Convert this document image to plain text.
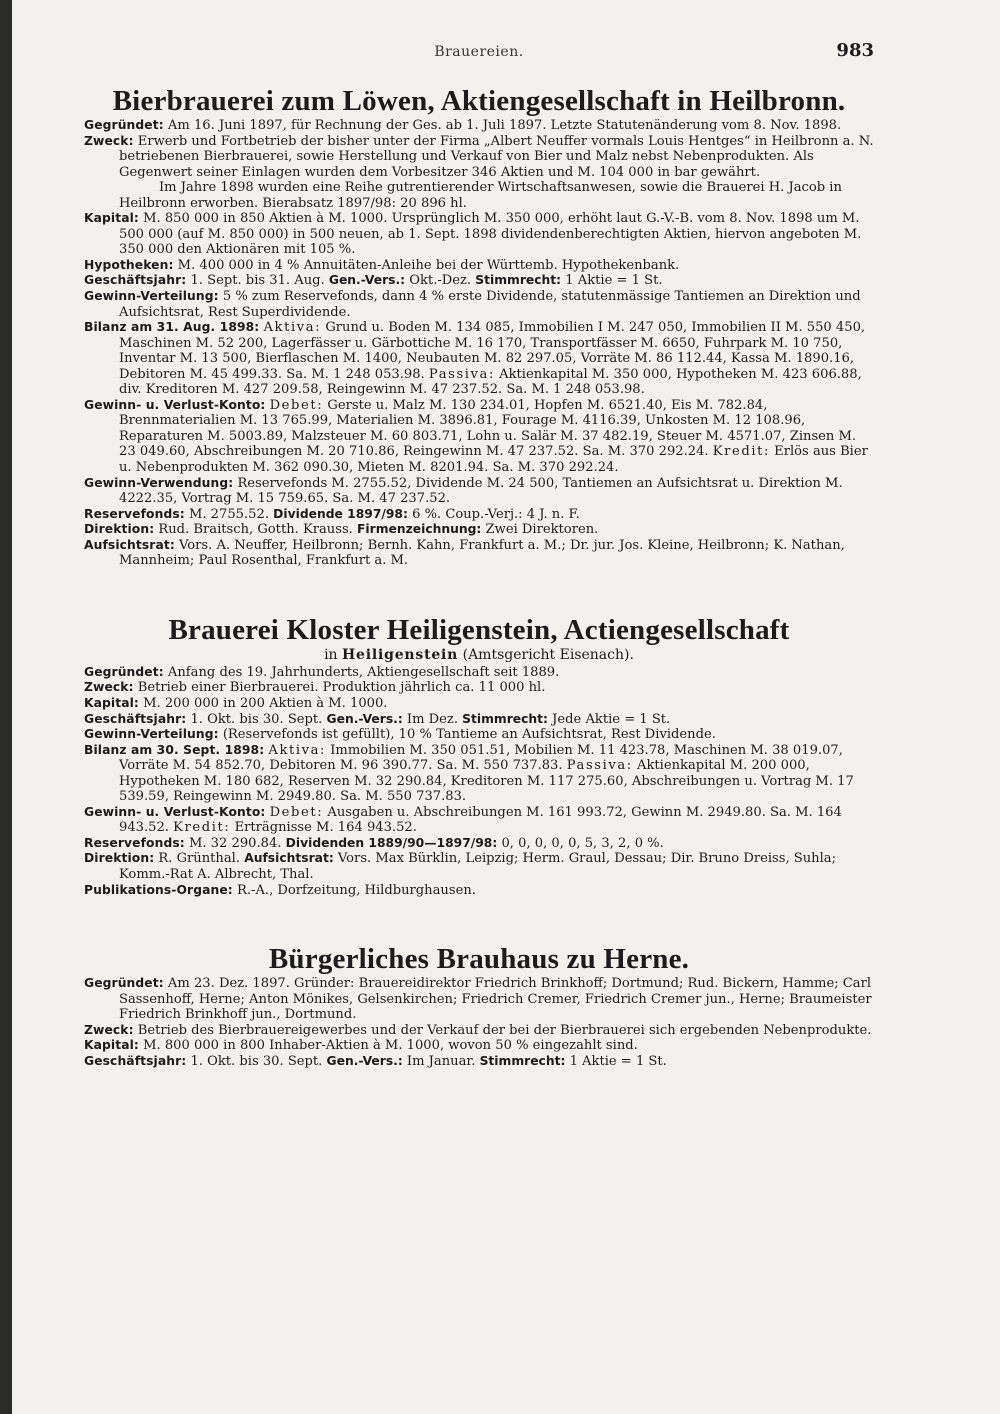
Brauereien.	983
Bierbrauerei zum Löwen, Aktiengesellschaft in Heilbronn.

Gegründet: Am 16. Juni 1897, für Rechnung der Ges. ab 1. Juli 1897. Letzte Statutenänderung vom 8. Nov. 1898.

Zweck: Erwerb und Fortbetrieb der bisher unter der Firma „Albert Neuffer vormals Louis Hentges“ in Heilbronn a. N. betriebenen Bierbrauerei, sowie Herstellung und Verkauf von Bier und Malz nebst Nebenprodukten. Als Gegenwert seiner Einlagen wurden dem Vorbesitzer 346 Aktien und M. 104 000 in bar gewährt.

Im Jahre 1898 wurden eine Reihe gutrentierender Wirtschaftsanwesen, sowie die Brauerei H. Jacob in Heilbronn erworben. Bierabsatz 1897/98: 20 896 hl.

Kapital: M. 850 000 in 850 Aktien à M. 1000. Ursprünglich M. 350 000, erhöht laut G.-V.-B. vom 8. Nov. 1898 um M. 500 000 (auf M. 850 000) in 500 neuen, ab 1. Sept. 1898 dividendenberechtigten Aktien, hiervon angeboten M. 350 000 den Aktionären mit 105 %.

Hypotheken: M. 400 000 in 4 % Annuitäten-Anleihe bei der Württemb. Hypothekenbank.

Geschäftsjahr: 1. Sept. bis 31. Aug. Gen.-Vers.: Okt.-Dez. Stimmrecht: 1 Aktie = 1 St.

Gewinn-Verteilung: 5 % zum Reservefonds, dann 4 % erste Dividende, statutenmässige Tantiemen an Direktion und Aufsichtsrat, Rest Superdividende.

Bilanz am 31. Aug. 1898: Aktiva: Grund u. Boden M. 134 085, Immobilien I M. 247 050, Immobilien II M. 550 450, Maschinen M. 52 200, Lagerfässer u. Gärbottiche M. 16 170, Transportfässer M. 6650, Fuhrpark M. 10 750, Inventar M. 13 500, Bierflaschen M. 1400, Neubauten M. 82 297.05, Vorräte M. 86 112.44, Kassa M. 1890.16, Debitoren M. 45 499.33. Sa. M. 1 248 053.98. Passiva: Aktienkapital M. 350 000, Hypotheken M. 423 606.88, div. Kreditoren M. 427 209.58, Reingewinn M. 47 237.52. Sa. M. 1 248 053.98.

Gewinn- u. Verlust-Konto: Debet: Gerste u. Malz M. 130 234.01, Hopfen M. 6521.40, Eis M. 782.84, Brennmaterialien M. 13 765.99, Materialien M. 3896.81, Fourage M. 4116.39, Unkosten M. 12 108.96, Reparaturen M. 5003.89, Malzsteuer M. 60 803.71, Lohn u. Salär M. 37 482.19, Steuer M. 4571.07, Zinsen M. 23 049.60, Abschreibungen M. 20 710.86, Reingewinn M. 47 237.52. Sa. M. 370 292.24. Kredit: Erlös aus Bier u. Nebenprodukten M. 362 090.30, Mieten M. 8201.94. Sa. M. 370 292.24.

Gewinn-Verwendung: Reservefonds M. 2755.52, Dividende M. 24 500, Tantiemen an Aufsichtsrat u. Direktion M. 4222.35, Vortrag M. 15 759.65. Sa. M. 47 237.52.

Reservefonds: M. 2755.52. Dividende 1897/98: 6 %. Coup.-Verj.: 4 J. n. F.

Direktion: Rud. Braitsch, Gotth. Krauss. Firmenzeichnung: Zwei Direktoren.

Aufsichtsrat: Vors. A. Neuffer, Heilbronn; Bernh. Kahn, Frankfurt a. M.; Dr. jur. Jos. Kleine, Heilbronn; K. Nathan, Mannheim; Paul Rosenthal, Frankfurt a. M.

Brauerei Kloster Heiligenstein, Actiengesellschaft
in Heiligenstein (Amtsgericht Eisenach).

Gegründet: Anfang des 19. Jahrhunderts, Aktiengesellschaft seit 1889.

Zweck: Betrieb einer Bierbrauerei. Produktion jährlich ca. 11 000 hl.

Kapital: M. 200 000 in 200 Aktien à M. 1000.

Geschäftsjahr: 1. Okt. bis 30. Sept. Gen.-Vers.: Im Dez. Stimmrecht: Jede Aktie = 1 St.

Gewinn-Verteilung: (Reservefonds ist gefüllt), 10 % Tantieme an Aufsichtsrat, Rest Dividende.

Bilanz am 30. Sept. 1898: Aktiva: Immobilien M. 350 051.51, Mobilien M. 11 423.78, Maschinen M. 38 019.07, Vorräte M. 54 852.70, Debitoren M. 96 390.77. Sa. M. 550 737.83. Passiva: Aktienkapital M. 200 000, Hypotheken M. 180 682, Reserven M. 32 290.84, Kreditoren M. 117 275.60, Abschreibungen u. Vortrag M. 17 539.59, Reingewinn M. 2949.80. Sa. M. 550 737.83.

Gewinn- u. Verlust-Konto: Debet: Ausgaben u. Abschreibungen M. 161 993.72, Gewinn M. 2949.80. Sa. M. 164 943.52. Kredit: Erträgnisse M. 164 943.52.

Reservefonds: M. 32 290.84. Dividenden 1889/90—1897/98: 0, 0, 0, 0, 0, 5, 3, 2, 0 %.

Direktion: R. Grünthal. Aufsichtsrat: Vors. Max Bürklin, Leipzig; Herm. Graul, Dessau; Dir. Bruno Dreiss, Suhla; Komm.-Rat A. Albrecht, Thal.

Publikations-Organe: R.-A., Dorfzeitung, Hildburghausen.

Bürgerliches Brauhaus zu Herne.

Gegründet: Am 23. Dez. 1897. Gründer: Brauereidirektor Friedrich Brinkhoff; Dortmund; Rud. Bickern, Hamme; Carl Sassenhoff, Herne; Anton Mönikes, Gelsenkirchen; Friedrich Cremer, Friedrich Cremer jun., Herne; Braumeister Friedrich Brinkhoff jun., Dortmund.

Zweck: Betrieb des Bierbrauereigewerbes und der Verkauf der bei der Bierbrauerei sich ergebenden Nebenprodukte.

Kapital: M. 800 000 in 800 Inhaber-Aktien à M. 1000, wovon 50 % eingezahlt sind.

Geschäftsjahr: 1. Okt. bis 30. Sept. Gen.-Vers.: Im Januar. Stimmrecht: 1 Aktie = 1 St.
